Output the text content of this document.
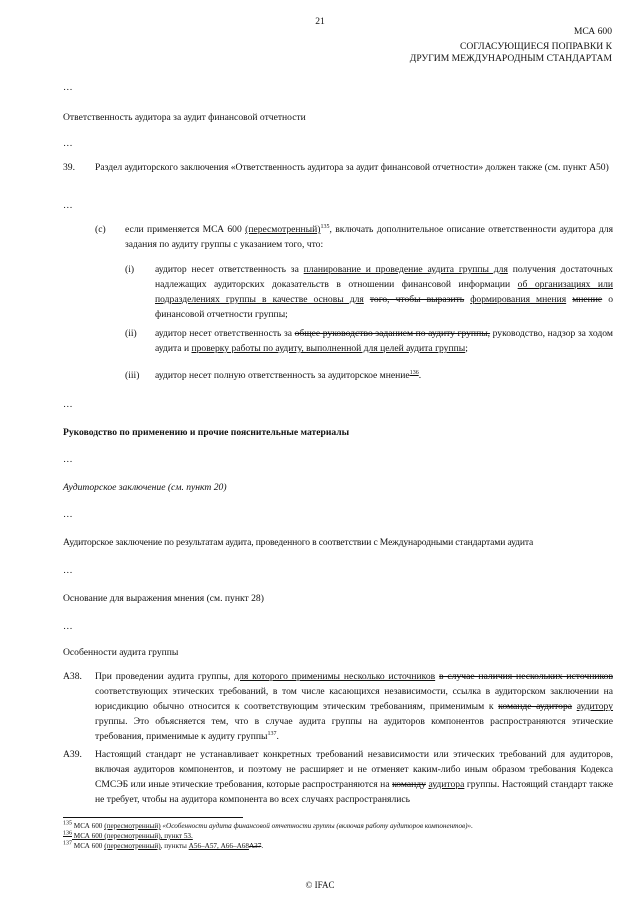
21
МСА 600
СОГЛАСУЮЩИЕСЯ ПОПРАВКИ К
ДРУГИМ МЕЖДУНАРОДНЫМ СТАНДАРТАМ
…
Ответственность аудитора за аудит финансовой отчетности
…
39. Раздел аудиторского заключения «Ответственность аудитора за аудит финансовой отчетности» должен также (см. пункт А50)
…
(c) если применяется МСА 600 (пересмотренный)$^{135}$, включать дополнительное описание ответственности аудитора для задания по аудиту группы с указанием того, что:
(i) аудитор несет ответственность за планирование и проведение аудита группы для получения достаточных надлежащих аудиторских доказательств в отношении финансовой информации об организациях или подразделениях группы в качестве основы для того, чтобы выразить формирования мнения мнение о финансовой отчетности группы;
(ii) аудитор несет ответственность за общее руководство заданием по аудиту группы, руководство, надзор за ходом аудита и проверку работы по аудиту, выполненной для целей аудита группы;
(iii) аудитор несет полную ответственность за аудиторское мнение$^{136}$.
…
Руководство по применению и прочие пояснительные материалы
…
Аудиторское заключение (см. пункт 20)
…
Аудиторское заключение по результатам аудита, проведенного в соответствии с Международными стандартами аудита
…
Основание для выражения мнения (см. пункт 28)
…
Особенности аудита группы
А38. При проведении аудита группы, для которого применимы несколько источников в случае наличия нескольких источников соответствующих этических требований, в том числе касающихся независимости, ссылка в аудиторском заключении на юрисдикцию обычно относится к соответствующим этическим требованиям, применимым к команде аудитора аудитору группы. Это объясняется тем, что в случае аудита группы на аудиторов компонентов распространяются этические требования, применимые к аудиту группы$^{137}$.
А39. Настоящий стандарт не устанавливает конкретных требований независимости или этических требований для аудиторов, включая аудиторов компонентов, и поэтому не расширяет и не отменяет каким-либо иным образом требования Кодекса СМСЭБ или иные этические требования, которые распространяются на команду аудитора группы. Настоящий стандарт также не требует, чтобы на аудитора компонента во всех случаях распространялись
$^{135}$ МСА 600 (пересмотренный) «Особенности аудита финансовой отчетности группы (включая работу аудиторов компонентов)».
$^{136}$ МСА 600 (пересмотренный), пункт 53.
$^{137}$ МСА 600 (пересмотренный), пункты А56–А57, А66–А68А37.
© IFAC
